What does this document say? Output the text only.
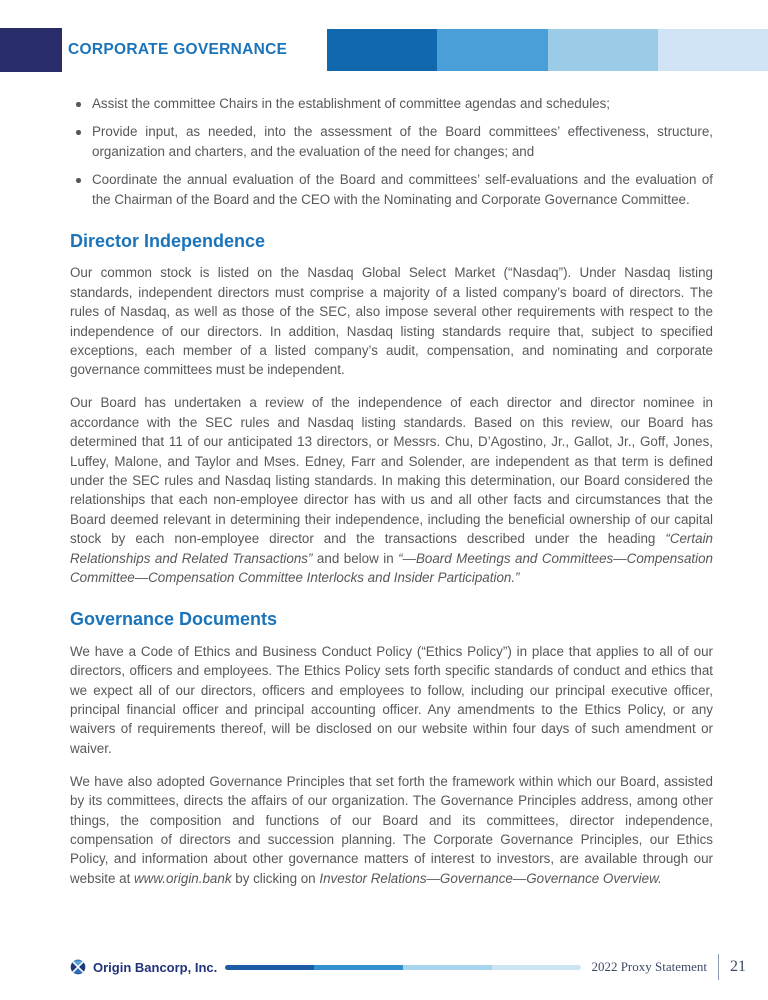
CORPORATE GOVERNANCE
Assist the committee Chairs in the establishment of committee agendas and schedules;
Provide input, as needed, into the assessment of the Board committees’ effectiveness, structure, organization and charters, and the evaluation of the need for changes; and
Coordinate the annual evaluation of the Board and committees’ self-evaluations and the evaluation of the Chairman of the Board and the CEO with the Nominating and Corporate Governance Committee.
Director Independence

Our common stock is listed on the Nasdaq Global Select Market (“Nasdaq”). Under Nasdaq listing standards, independent directors must comprise a majority of a listed company’s board of directors. The rules of Nasdaq, as well as those of the SEC, also impose several other requirements with respect to the independence of our directors. In addition, Nasdaq listing standards require that, subject to specified exceptions, each member of a listed company’s audit, compensation, and nominating and corporate governance committees must be independent.

Our Board has undertaken a review of the independence of each director and director nominee in accordance with the SEC rules and Nasdaq listing standards. Based on this review, our Board has determined that 11 of our anticipated 13 directors, or Messrs. Chu, D’Agostino, Jr., Gallot, Jr., Goff, Jones, Luffey, Malone, and Taylor and Mses. Edney, Farr and Solender, are independent as that term is defined under the SEC rules and Nasdaq listing standards. In making this determination, our Board considered the relationships that each non-employee director has with us and all other facts and circumstances that the Board deemed relevant in determining their independence, including the beneficial ownership of our capital stock by each non-employee director and the transactions described under the heading “Certain Relationships and Related Transactions” and below in “—Board Meetings and Committees—Compensation Committee—Compensation Committee Interlocks and Insider Participation.”

Governance Documents

We have a Code of Ethics and Business Conduct Policy (“Ethics Policy”) in place that applies to all of our directors, officers and employees. The Ethics Policy sets forth specific standards of conduct and ethics that we expect all of our directors, officers and employees to follow, including our principal executive officer, principal financial officer and principal accounting officer. Any amendments to the Ethics Policy, or any waivers of requirements thereof, will be disclosed on our website within four days of such amendment or waiver.

We have also adopted Governance Principles that set forth the framework within which our Board, assisted by its committees, directs the affairs of our organization. The Governance Principles address, among other things, the composition and functions of our Board and its committees, director independence, compensation of directors and succession planning. The Corporate Governance Principles, our Ethics Policy, and information about other governance matters of interest to investors, are available through our website at www.origin.bank by clicking on Investor Relations—Governance—Governance Overview.

Origin Bancorp, Inc.	2022 Proxy Statement 21
